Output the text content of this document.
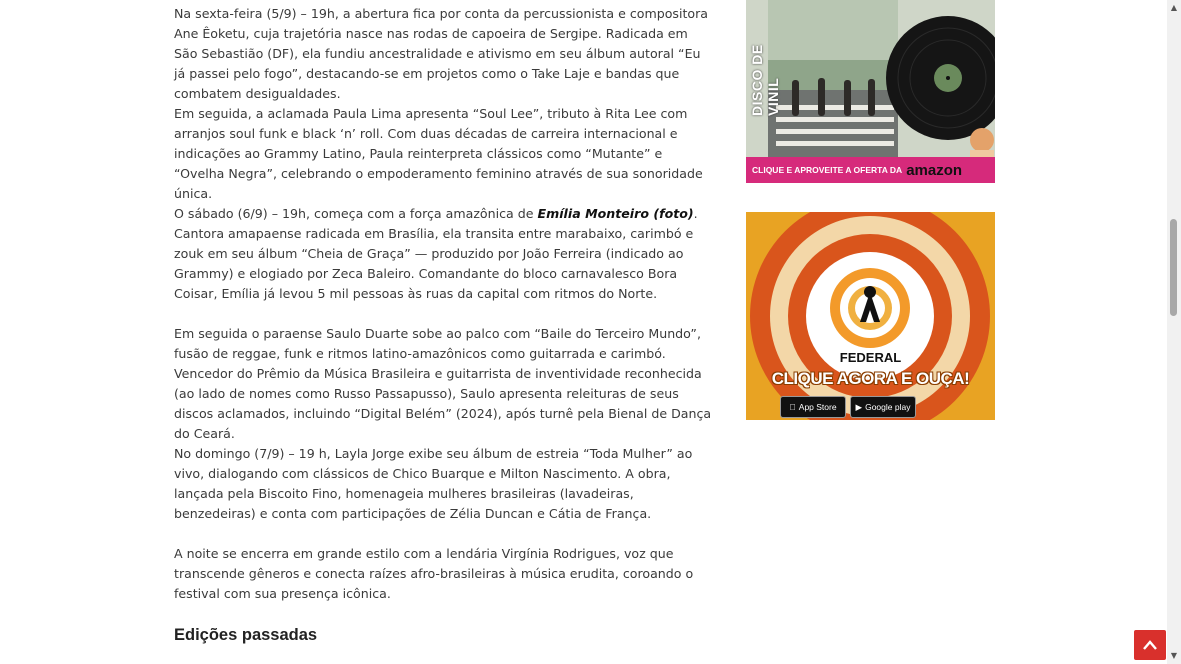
Na sexta-feira (5/9) – 19h, a abertura fica por conta da percussionista e compositora Ane Êoketu, cuja trajetória nasce nas rodas de capoeira de Sergipe. Radicada em São Sebastião (DF), ela fundiu ancestralidade e ativismo em seu álbum autoral “Eu já passei pelo fogo”, destacando-se em projetos como o Take Laje e bandas que combatem desigualdades.

Em seguida, a aclamada Paula Lima apresenta “Soul Lee”, tributo à Rita Lee com arranjos soul funk e black ‘n’ roll. Com duas décadas de carreira internacional e indicações ao Grammy Latino, Paula reinterpreta clássicos como “Mutante” e “Ovelha Negra”, celebrando o empoderamento feminino através de sua sonoridade única.

O sábado (6/9) – 19h, começa com a força amazônica de Emília Monteiro (foto). Cantora amapaense radicada em Brasília, ela transita entre marabaixo, carimbó e zouk em seu álbum “Cheia de Graça” — produzido por João Ferreira (indicado ao Grammy) e elogiado por Zeca Baleiro. Comandante do bloco carnavalesco Bora Coisar, Emília já levou 5 mil pessoas às ruas da capital com ritmos do Norte.

Em seguida o paraense Saulo Duarte sobe ao palco com “Baile do Terceiro Mundo”, fusão de reggae, funk e ritmos latino-amazônicos como guitarrada e carimbó. Vencedor do Prêmio da Música Brasileira e guitarrista de inventividade reconhecida (ao lado de nomes como Russo Passapusso), Saulo apresenta releituras de seus discos aclamados, incluindo “Digital Belém” (2024), após turnê pela Bienal de Dança do Ceará.

No domingo (7/9) – 19 h, Layla Jorge exibe seu álbum de estreia “Toda Mulher” ao vivo, dialogando com clássicos de Chico Buarque e Milton Nascimento. A obra, lançada pela Biscoito Fino, homenageia mulheres brasileiras (lavadeiras, benzedeiras) e conta com participações de Zélia Duncan e Cátia de França.

A noite se encerra em grande estilo com a lendária Virgínia Rodrigues, voz que transcende gêneros e conecta raízes afro-brasileiras à música erudita, coroando o festival com sua presença icônica.

Edições passadas
DISCO DE VINIL
CLIQUE E APROVEITE A OFERTA DA amazon
FEDERAL
CLIQUE AGORA E OUÇA!
App Store	▶ Google play
▲
▼
